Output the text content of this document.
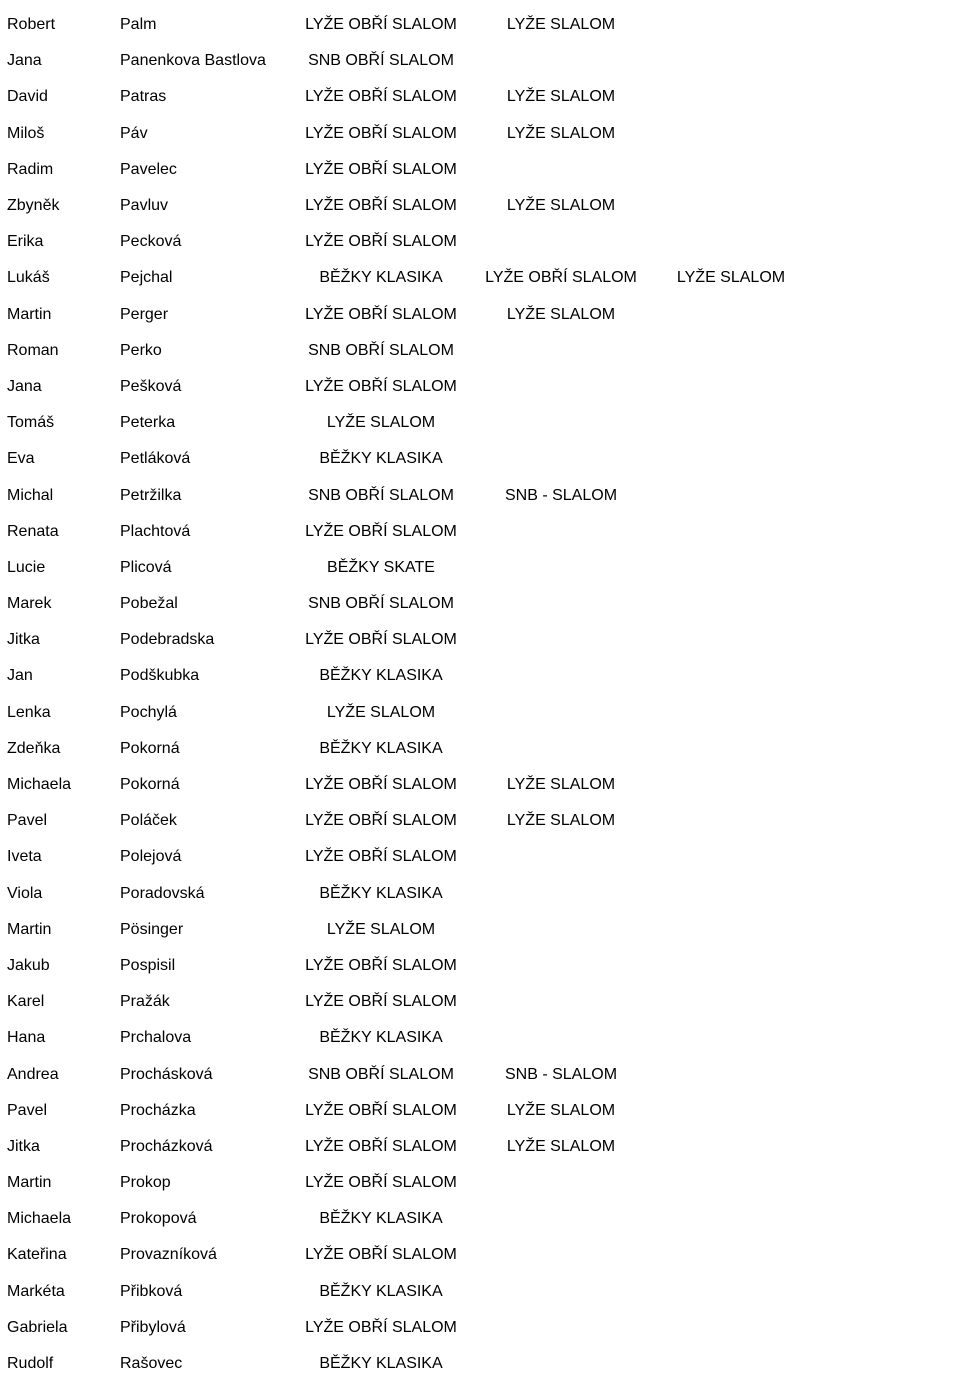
Robert	Palm	LYŽE OBŘÍ SLALOM	LYŽE SLALOM		
Jana	Panenkova Bastlova	SNB OBŘÍ SLALOM			
David	Patras	LYŽE OBŘÍ SLALOM	LYŽE SLALOM		
Miloš	Páv	LYŽE OBŘÍ SLALOM	LYŽE SLALOM		
Radim	Pavelec	LYŽE OBŘÍ SLALOM			
Zbyněk	Pavluv	LYŽE OBŘÍ SLALOM	LYŽE SLALOM		
Erika	Pecková	LYŽE OBŘÍ SLALOM			
Lukáš	Pejchal	BĚŽKY KLASIKA	LYŽE OBŘÍ SLALOM	LYŽE SLALOM	
Martin	Perger	LYŽE OBŘÍ SLALOM	LYŽE SLALOM		
Roman	Perko	SNB OBŘÍ SLALOM			
Jana	Pešková	LYŽE OBŘÍ SLALOM			
Tomáš	Peterka	LYŽE SLALOM			
Eva	Petláková	BĚŽKY KLASIKA			
Michal	Petržilka	SNB OBŘÍ SLALOM	SNB - SLALOM		
Renata	Plachtová	LYŽE OBŘÍ SLALOM			
Lucie	Plicová	BĚŽKY SKATE			
Marek	Pobežal	SNB OBŘÍ SLALOM			
Jitka	Podebradska	LYŽE OBŘÍ SLALOM			
Jan	Podškubka	BĚŽKY KLASIKA			
Lenka	Pochylá	LYŽE SLALOM			
Zdeňka	Pokorná	BĚŽKY KLASIKA			
Michaela	Pokorná	LYŽE OBŘÍ SLALOM	LYŽE SLALOM		
Pavel	Poláček	LYŽE OBŘÍ SLALOM	LYŽE SLALOM		
Iveta	Polejová	LYŽE OBŘÍ SLALOM			
Viola	Poradovská	BĚŽKY KLASIKA			
Martin	Pösinger	LYŽE SLALOM			
Jakub	Pospisil	LYŽE OBŘÍ SLALOM			
Karel	Pražák	LYŽE OBŘÍ SLALOM			
Hana	Prchalova	BĚŽKY KLASIKA			
Andrea	Prochásková	SNB OBŘÍ SLALOM	SNB - SLALOM		
Pavel	Procházka	LYŽE OBŘÍ SLALOM	LYŽE SLALOM		
Jitka	Procházková	LYŽE OBŘÍ SLALOM	LYŽE SLALOM		
Martin	Prokop	LYŽE OBŘÍ SLALOM			
Michaela	Prokopová	BĚŽKY KLASIKA			
Kateřina	Provazníková	LYŽE OBŘÍ SLALOM			
Markéta	Přibková	BĚŽKY KLASIKA			
Gabriela	Přibylová	LYŽE OBŘÍ SLALOM			
Rudolf	Rašovec	BĚŽKY KLASIKA			
